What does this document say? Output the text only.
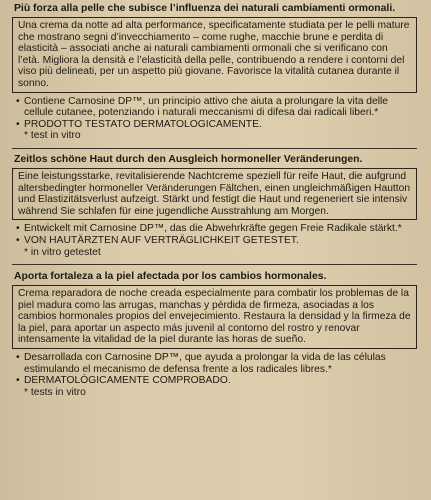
Più forza alla pelle che subisce l’influenza dei naturali cambiamenti ormonali.
Una crema da notte ad alta performance, specificatamente studiata per le pelli mature che mostrano segni d’invecchiamento – come rughe, macchie brune e perdita di elasticità – associati anche ai naturali cambiamenti ormonali che si verificano con l’età. Migliora la densità e l’elasticità della pelle, contribuendo a rendere i contorni del viso più delineati, per un aspetto più giovane. Favorisce la vitalità cutanea durante il sonno.
• Contiene Carnosine DP™, un principio attivo che aiuta a prolungare la vita delle cellule cutanee, potenziando i naturali meccanismi di difesa dai radicali liberi.*
• PRODOTTO TESTATO DERMATOLOGICAMENTE.
* test in vitro
Zeitlos schöne Haut durch den Ausgleich hormoneller Veränderungen.
Eine leistungsstarke, revitalisierende Nachtcreme speziell für reife Haut, die aufgrund altersbedingter hormoneller Veränderungen Fältchen, einen ungleichmäßigen Hautton und Elastizitätsverlust aufzeigt. Stärkt und festigt die Haut und regeneriert sie intensiv während Sie schlafen für eine jugendliche Ausstrahlung am Morgen.
• Entwickelt mit Carnosine DP™, das die Abwehrkräfte gegen Freie Radikale stärkt.*
• VON HAUTÄRZTEN AUF VERTRÄGLICHKEIT GETESTET.
* in vitro getestet
Aporta fortaleza a la piel afectada por los cambios hormonales.
Crema reparadora de noche creada especialmente para combatir los problemas de la piel madura como las arrugas, manchas y pérdida de firmeza, asociadas a los cambios hormonales propios del envejecimiento. Restaura la densidad y la firmeza de la piel, para aportar un aspecto más juvenil al contorno del rostro y renovar intensamente la vitalidad de la piel durante las horas de sueño.
• Desarrollada con Carnosine DP™, que ayuda a prolongar la vida de las células estimulando el mecanismo de defensa frente a los radicales libres.*
• DERMATOLÓGICAMENTE COMPROBADO.
* tests in vitro
